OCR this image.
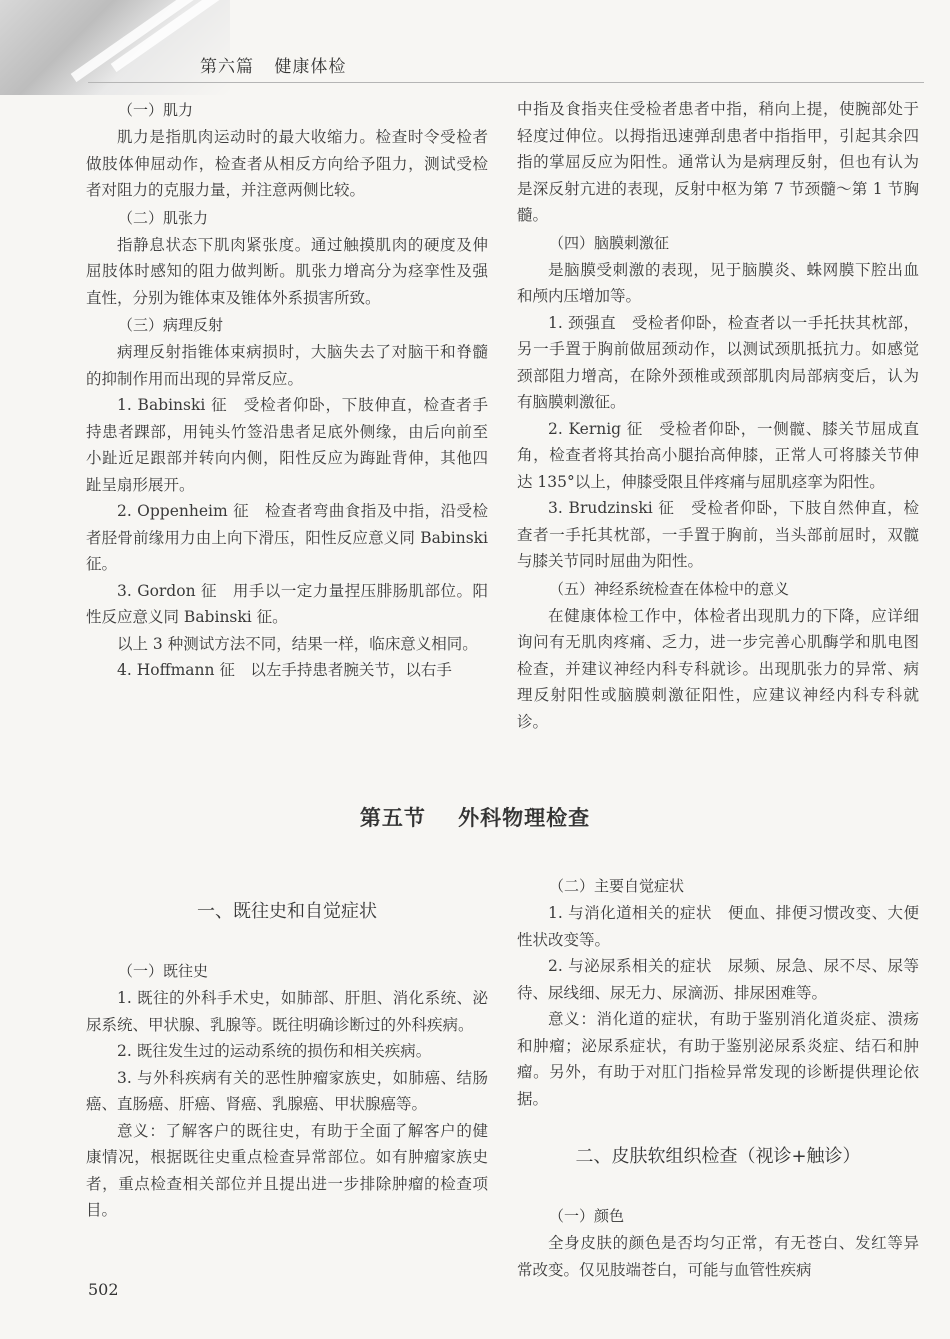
第六篇 健康体检
（一）肌力

肌力是指肌肉运动时的最大收缩力。检查时令受检者做肢体伸屈动作，检查者从相反方向给予阻力，测试受检者对阻力的克服力量，并注意两侧比较。

（二）肌张力

指静息状态下肌肉紧张度。通过触摸肌肉的硬度及伸屈肢体时感知的阻力做判断。肌张力增高分为痉挛性及强直性，分别为锥体束及锥体外系损害所致。

（三）病理反射

病理反射指锥体束病损时，大脑失去了对脑干和脊髓的抑制作用而出现的异常反应。

1. Babinski 征　受检者仰卧，下肢伸直，检查者手持患者踝部，用钝头竹签沿患者足底外侧缘，由后向前至小趾近足跟部并转向内侧，阳性反应为踇趾背伸，其他四趾呈扇形展开。

2. Oppenheim 征　检查者弯曲食指及中指，沿受检者胫骨前缘用力由上向下滑压，阳性反应意义同 Babinski 征。

3. Gordon 征　用手以一定力量捏压腓肠肌部位。阳性反应意义同 Babinski 征。

以上 3 种测试方法不同，结果一样，临床意义相同。

4. Hoffmann 征　以左手持患者腕关节，以右手

中指及食指夹住受检者患者中指，稍向上提，使腕部处于轻度过伸位。以拇指迅速弹刮患者中指指甲，引起其余四指的掌屈反应为阳性。通常认为是病理反射，但也有认为是深反射亢进的表现，反射中枢为第 7 节颈髓～第 1 节胸髓。

（四）脑膜刺激征

是脑膜受刺激的表现，见于脑膜炎、蛛网膜下腔出血和颅内压增加等。

1. 颈强直　受检者仰卧，检查者以一手托扶其枕部，另一手置于胸前做屈颈动作，以测试颈肌抵抗力。如感觉颈部阻力增高，在除外颈椎或颈部肌肉局部病变后，认为有脑膜刺激征。

2. Kernig 征　受检者仰卧，一侧髋、膝关节屈成直角，检查者将其抬高小腿抬高伸膝，正常人可将膝关节伸达 135°以上，伸膝受限且伴疼痛与屈肌痉挛为阳性。

3. Brudzinski 征　受检者仰卧，下肢自然伸直，检查者一手托其枕部，一手置于胸前，当头部前屈时，双髋与膝关节同时屈曲为阳性。

（五）神经系统检查在体检中的意义

在健康体检工作中，体检者出现肌力的下降，应详细询问有无肌肉疼痛、乏力，进一步完善心肌酶学和肌电图检查，并建议神经内科专科就诊。出现肌张力的异常、病理反射阳性或脑膜刺激征阳性，应建议神经内科专科就诊。

第五节 外科物理检查
一、既往史和自觉症状
（一）既往史

1. 既往的外科手术史，如肺部、肝胆、消化系统、泌尿系统、甲状腺、乳腺等。既往明确诊断过的外科疾病。

2. 既往发生过的运动系统的损伤和相关疾病。

3. 与外科疾病有关的恶性肿瘤家族史，如肺癌、结肠癌、直肠癌、肝癌、肾癌、乳腺癌、甲状腺癌等。

意义：了解客户的既往史，有助于全面了解客户的健康情况，根据既往史重点检查异常部位。如有肿瘤家族史者，重点检查相关部位并且提出进一步排除肿瘤的检查项目。

（二）主要自觉症状

1. 与消化道相关的症状　便血、排便习惯改变、大便性状改变等。

2. 与泌尿系相关的症状　尿频、尿急、尿不尽、尿等待、尿线细、尿无力、尿滴沥、排尿困难等。

意义：消化道的症状，有助于鉴别消化道炎症、溃疡和肿瘤；泌尿系症状，有助于鉴别泌尿系炎症、结石和肿瘤。另外，有助于对肛门指检异常发现的诊断提供理论依据。

二、皮肤软组织检查（视诊+触诊）
（一）颜色

全身皮肤的颜色是否均匀正常，有无苍白、发红等异常改变。仅见肢端苍白，可能与血管性疾病

502
